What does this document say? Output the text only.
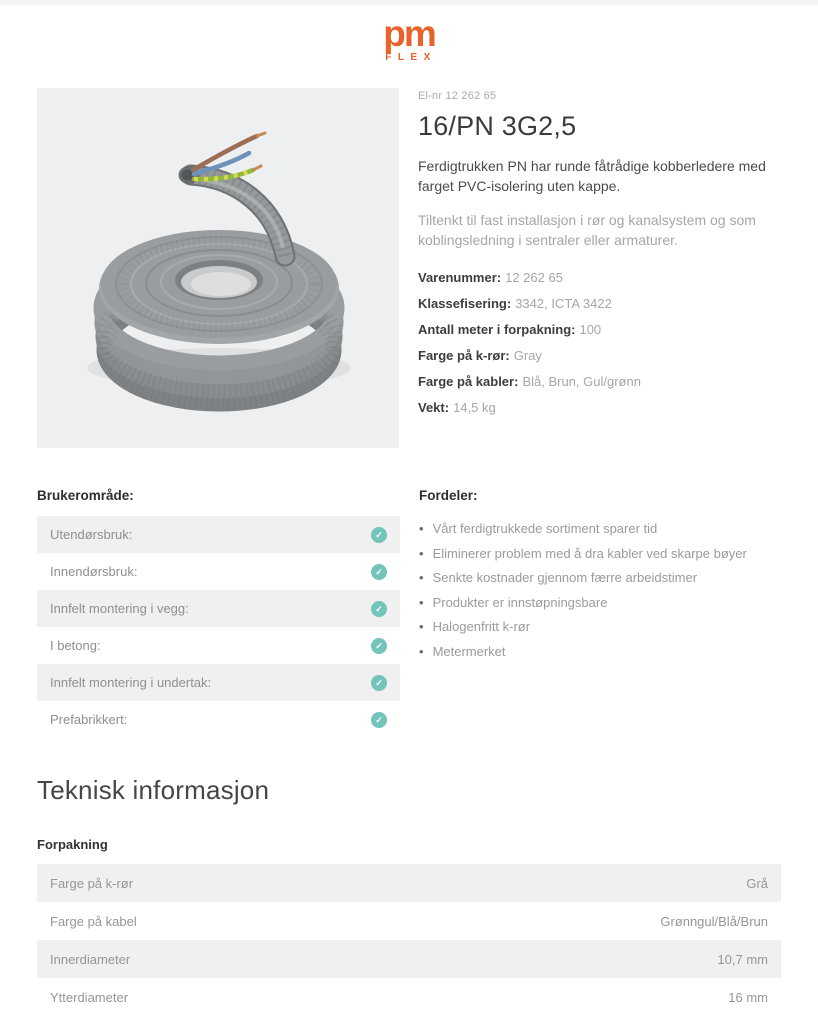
pm
FLEX
El-nr 12 262 65
16/PN 3G2,5

Ferdigtrukken PN har runde fåtrådige kobberledere med farget PVC-isolering uten kappe.

Tiltenkt til fast installasjon i rør og kanalsystem og som koblingsledning i sentraler eller armaturer.

Varenummer: 12 262 65
Klassefisering: 3342, ICTA 3422
Antall meter i forpakning: 100
Farge på k-rør: Gray
Farge på kabler: Blå, Brun, Gul/grønn
Vekt: 14,5 kg
Brukerområde:
Utendørsbruk:	✓
Innendørsbruk:	✓
Innfelt montering i vegg:	✓
I betong:	✓
Innfelt montering i undertak:	✓
Prefabrikkert:	✓
Fordeler:
• Vårt ferdigtrukkede sortiment sparer tid
• Eliminerer problem med å dra kabler ved skarpe bøyer
• Senkte kostnader gjennom færre arbeidstimer
• Produkter er innstøpningsbare
• Halogenfritt k-rør
• Metermerket
Teknisk informasjon
Forpakning
Farge på k-rør	Grå
Farge på kabel	Grønngul/Blå/Brun
Innerdiameter	10,7 mm
Ytterdiameter	16 mm
